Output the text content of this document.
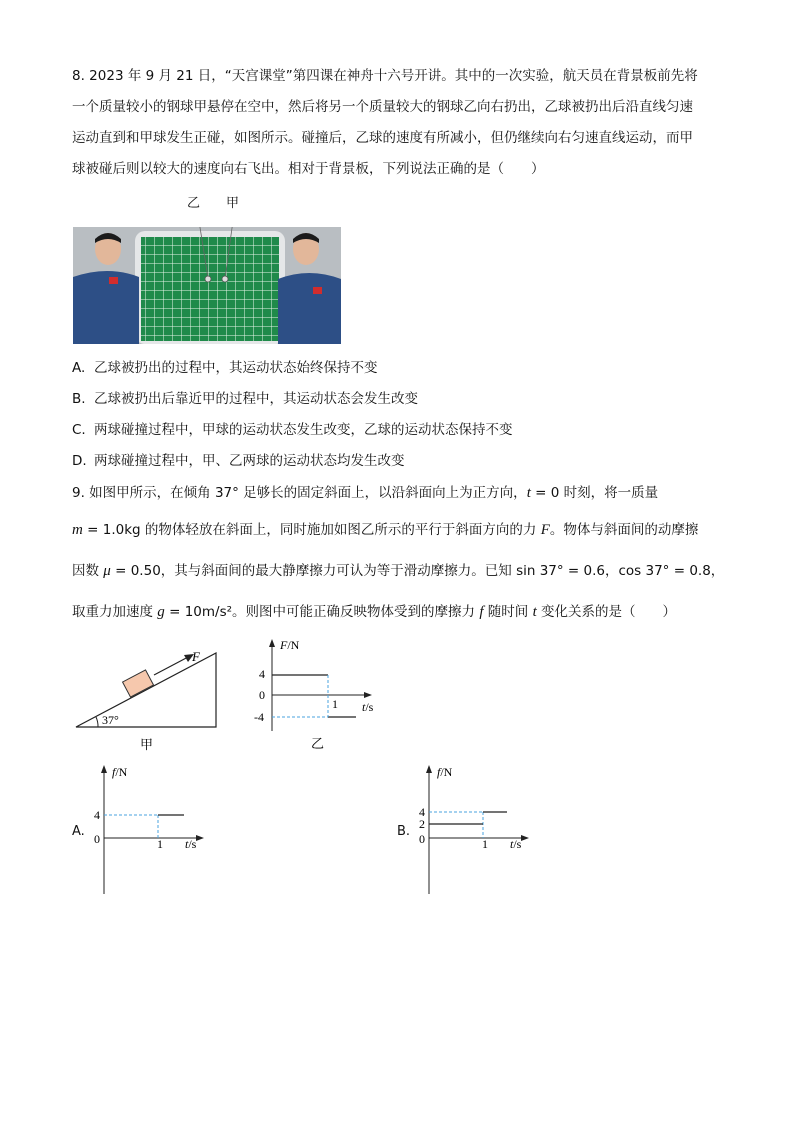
8. 2023 年 9 月 21 日，“天宫课堂”第四课在神舟十六号开讲。其中的一次实验，航天员在背景板前先将
一个质量较小的钢球甲悬停在空中，然后将另一个质量较大的钢球乙向右扔出，乙球被扔出后沿直线匀速
运动直到和甲球发生正碰，如图所示。碰撞后，乙球的速度有所减小，但仍继续向右匀速直线运动，而甲
球被碰后则以较大的速度向右飞出。相对于背景板，下列说法正确的是（　　）
乙 甲
A. 乙球被扔出的过程中，其运动状态始终保持不变
B. 乙球被扔出后靠近甲的过程中，其运动状态会发生改变
C. 两球碰撞过程中，甲球的运动状态发生改变，乙球的运动状态保持不变
D. 两球碰撞过程中，甲、乙两球的运动状态均发生改变
9. 如图甲所示，在倾角 37° 足够长的固定斜面上，以沿斜面向上为正方向，t = 0 时刻，将一质量
m = 1.0kg 的物体轻放在斜面上，同时施加如图乙所示的平行于斜面方向的力 F。物体与斜面间的动摩擦
因数 μ = 0.50，其与斜面间的最大静摩擦力可认为等于滑动摩擦力。已知 sin 37° = 0.6，cos 37° = 0.8，
取重力加速度 g = 10m/s²。则图中可能正确反映物体受到的摩擦力 f 随时间 t 变化关系的是（　　）
F
37°
甲
F/N
t/s
4
0
-4
1
乙
A.
f/N
t/s
4
0	1
B.
f/N
t/s
4
2
0	1
